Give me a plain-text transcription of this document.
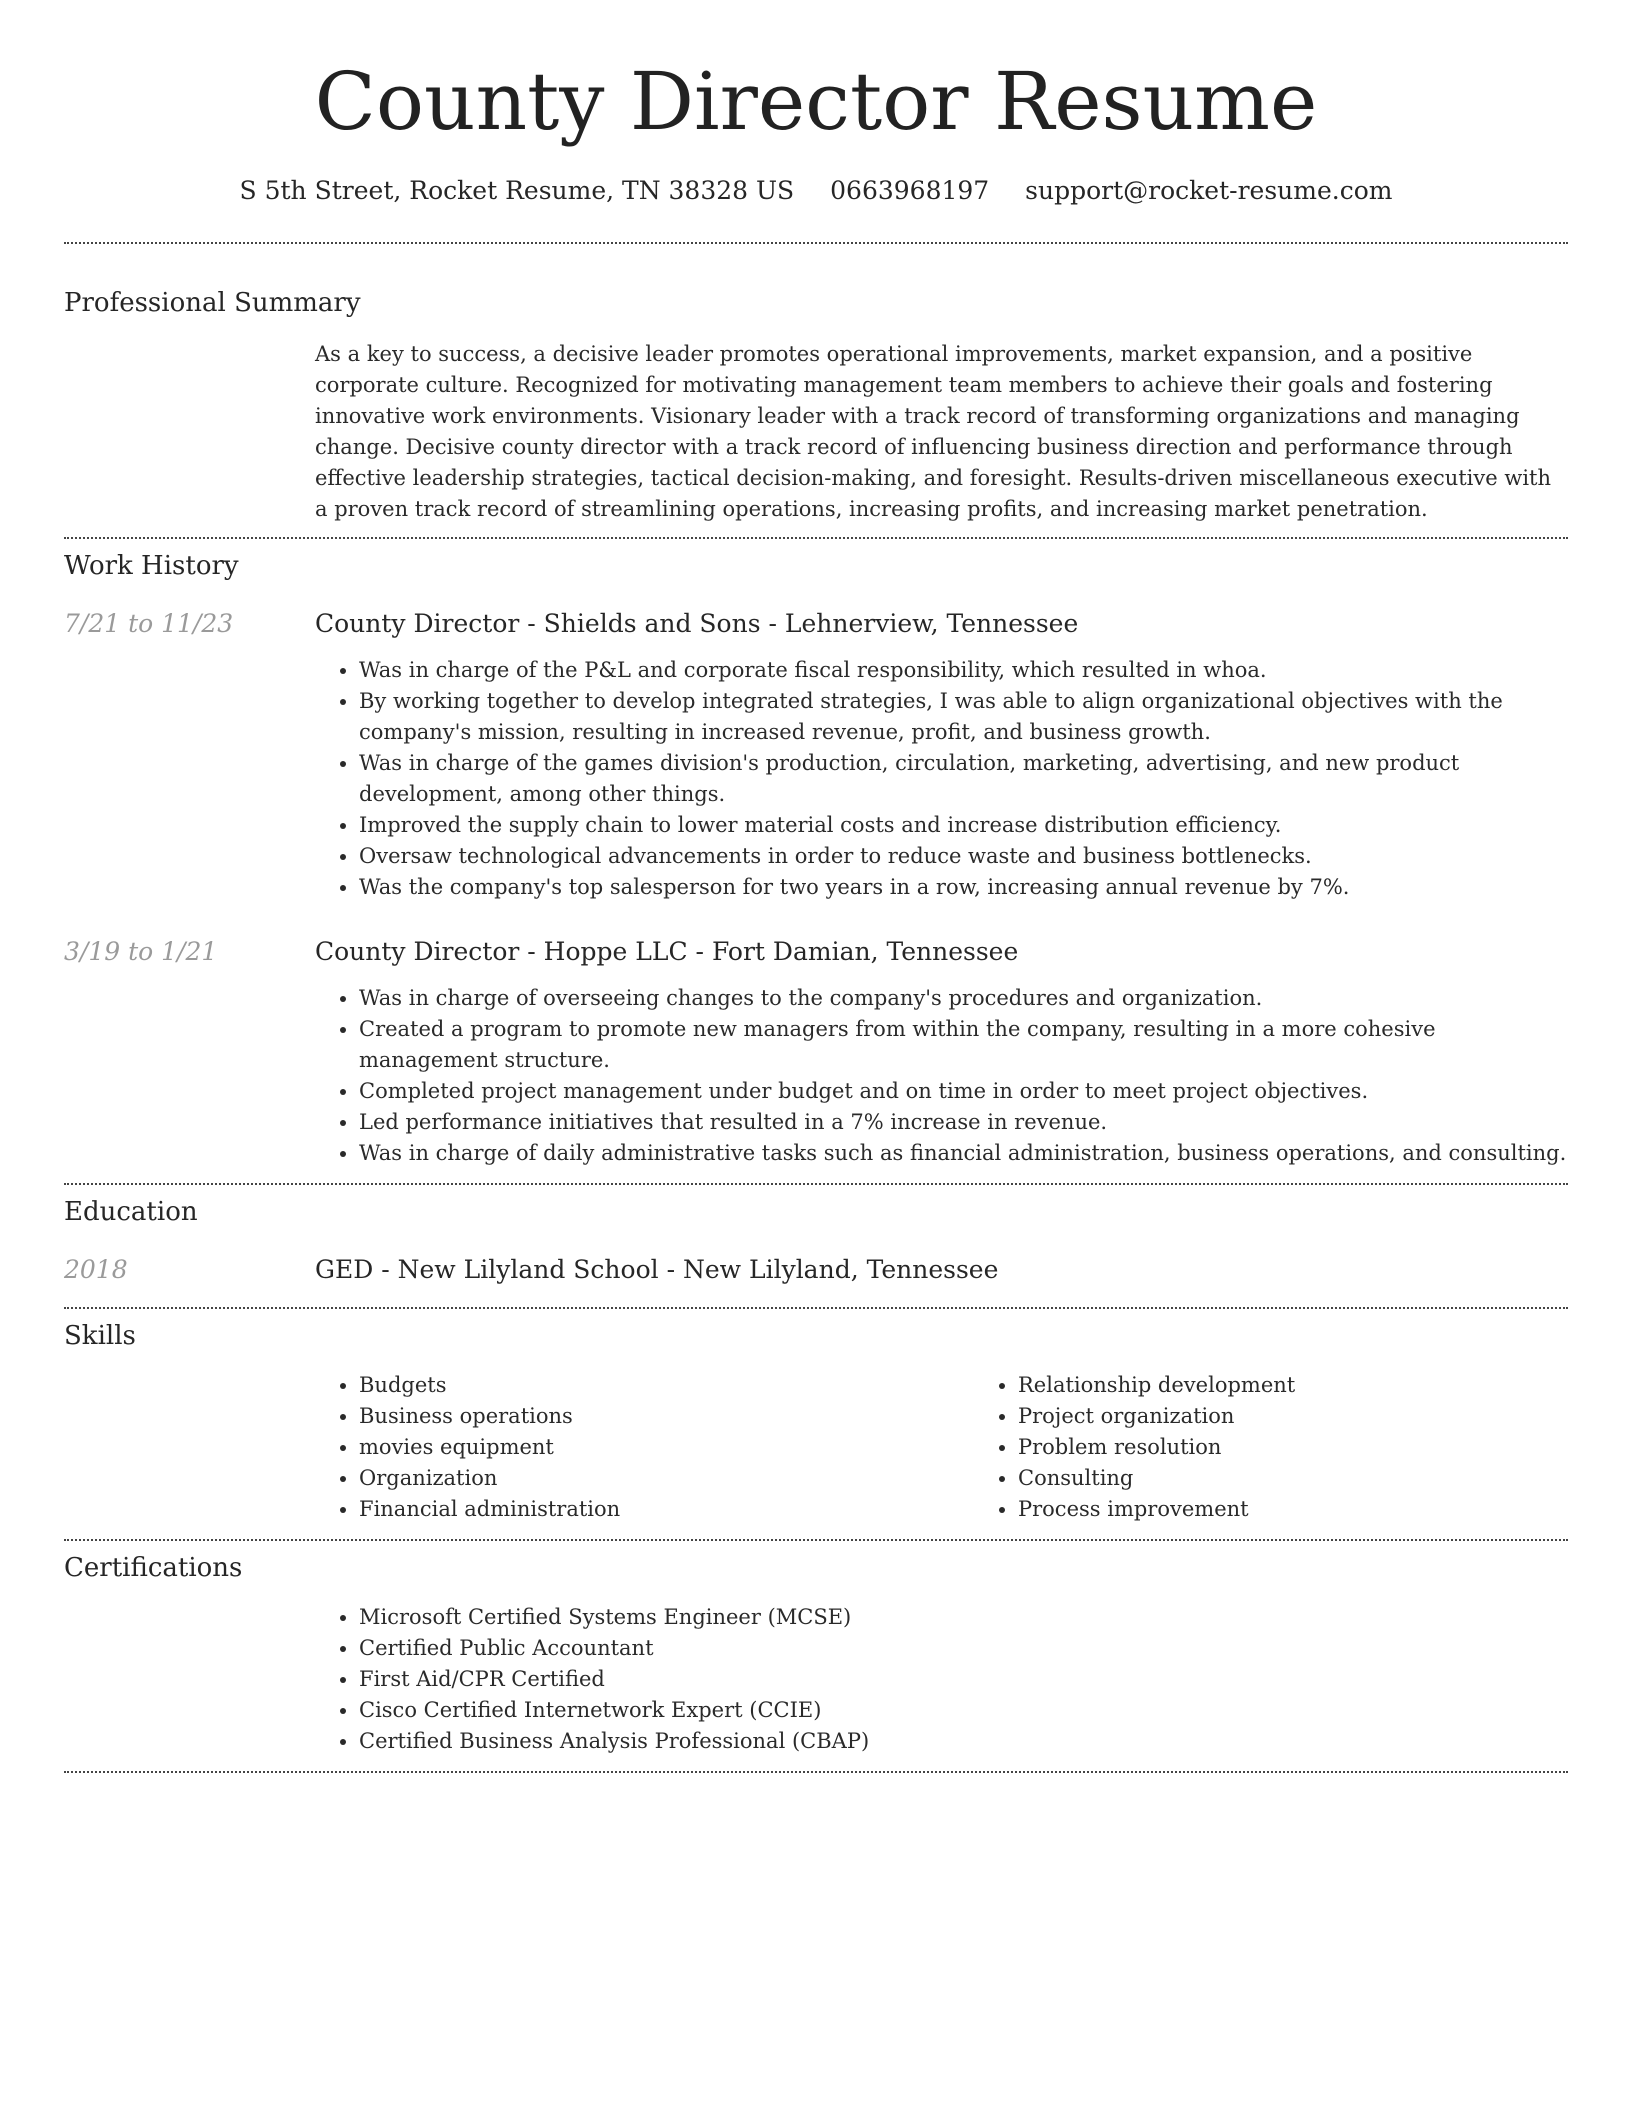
County Director Resume
S 5th Street, Rocket Resume, TN 38328 US 0663968197 support@rocket-resume.com
Professional Summary

As a key to success, a decisive leader promotes operational improvements, market expansion, and a positive corporate culture. Recognized for motivating management team members to achieve their goals and fostering innovative work environments. Visionary leader with a track record of transforming organizations and managing change. Decisive county director with a track record of influencing business direction and performance through effective leadership strategies, tactical decision-making, and foresight. Results-driven miscellaneous executive with a proven track record of streamlining operations, increasing profits, and increasing market penetration.

Work History
7/21 to 11/23	County Director - Shields and Sons - Lehnerview, Tennessee
• Was in charge of the P&L and corporate fiscal responsibility, which resulted in whoa.
• By working together to develop integrated strategies, I was able to align organizational objectives with the company's mission, resulting in increased revenue, profit, and business growth.
• Was in charge of the games division's production, circulation, marketing, advertising, and new product development, among other things.
• Improved the supply chain to lower material costs and increase distribution efficiency.
• Oversaw technological advancements in order to reduce waste and business bottlenecks.
• Was the company's top salesperson for two years in a row, increasing annual revenue by 7%.
3/19 to 1/21	County Director - Hoppe LLC - Fort Damian, Tennessee
• Was in charge of overseeing changes to the company's procedures and organization.
• Created a program to promote new managers from within the company, resulting in a more cohesive management structure.
• Completed project management under budget and on time in order to meet project objectives.
• Led performance initiatives that resulted in a 7% increase in revenue.
• Was in charge of daily administrative tasks such as financial administration, business operations, and consulting.
Education
2018	GED - New Lilyland School - New Lilyland, Tennessee
Skills
• Budgets
• Business operations
• movies equipment
• Organization
• Financial administration
• Relationship development
• Project organization
• Problem resolution
• Consulting
• Process improvement
Certifications
• Microsoft Certified Systems Engineer (MCSE)
• Certified Public Accountant
• First Aid/CPR Certified
• Cisco Certified Internetwork Expert (CCIE)
• Certified Business Analysis Professional (CBAP)
